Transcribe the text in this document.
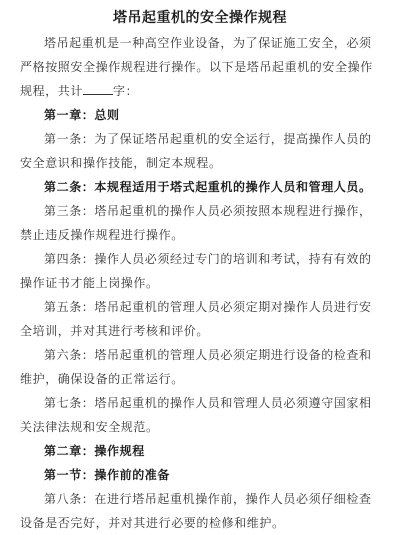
塔吊起重机的安全操作规程
塔吊起重机是一种高空作业设备，为了保证施工安全，必须严格按照安全操作规程进行操作。以下是塔吊起重机的安全操作规程，共计	字：
第一章：总则
第一条：为了保证塔吊起重机的安全运行，提高操作人员的安全意识和操作技能，制定本规程。
第二条：本规程适用于塔式起重机的操作人员和管理人员。
第三条：塔吊起重机的操作人员必须按照本规程进行操作，禁止违反操作规程进行操作。
第四条：操作人员必须经过专门的培训和考试，持有有效的操作证书才能上岗操作。
第五条：塔吊起重机的管理人员必须定期对操作人员进行安全培训，并对其进行考核和评价。
第六条：塔吊起重机的管理人员必须定期进行设备的检查和维护，确保设备的正常运行。
第七条：塔吊起重机的操作人员和管理人员必须遵守国家相关法律法规和安全规范。
第二章：操作规程
第一节：操作前的准备
第八条：在进行塔吊起重机操作前，操作人员必须仔细检查设备是否完好，并对其进行必要的检修和维护。
